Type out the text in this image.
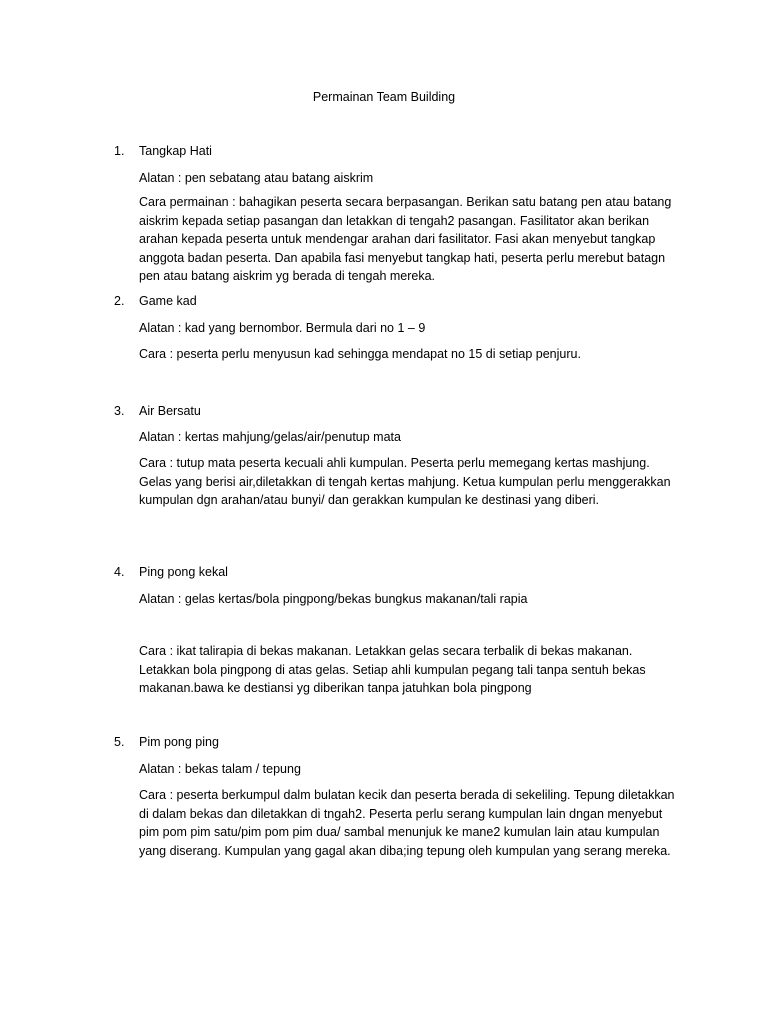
Permainan Team Building
1.	Tangkap Hati
Alatan : pen sebatang atau batang aiskrim
Cara permainan : bahagikan peserta secara berpasangan. Berikan satu batang pen atau batang aiskrim kepada setiap pasangan dan letakkan di tengah2 pasangan. Fasilitator akan berikan arahan kepada peserta untuk mendengar arahan dari fasilitator. Fasi akan menyebut tangkap anggota badan peserta. Dan apabila fasi menyebut tangkap hati, peserta perlu merebut batagn pen atau batang aiskrim yg berada di tengah mereka.
2.	Game kad
Alatan : kad yang bernombor. Bermula dari no 1 – 9
Cara : peserta perlu menyusun kad sehingga mendapat no 15 di setiap penjuru.
3.	Air Bersatu
Alatan : kertas mahjung/gelas/air/penutup mata
Cara : tutup mata peserta kecuali ahli kumpulan. Peserta perlu memegang kertas mashjung. Gelas yang berisi air,diletakkan di tengah kertas mahjung. Ketua kumpulan perlu menggerakkan kumpulan dgn arahan/atau bunyi/ dan gerakkan kumpulan ke destinasi yang diberi.
4.	Ping pong kekal
Alatan : gelas kertas/bola pingpong/bekas bungkus makanan/tali rapia
Cara : ikat talirapia di bekas makanan. Letakkan gelas secara terbalik di bekas makanan. Letakkan bola pingpong di atas gelas. Setiap ahli kumpulan pegang tali tanpa sentuh bekas makanan.bawa ke destiansi yg diberikan tanpa jatuhkan bola pingpong
5.	Pim pong ping
Alatan : bekas talam / tepung
Cara : peserta berkumpul dalm bulatan kecik dan peserta berada di sekeliling. Tepung diletakkan di dalam bekas dan diletakkan di tngah2. Peserta perlu serang kumpulan lain dngan menyebut pim pom pim satu/pim pom pim dua/ sambal menunjuk ke mane2 kumulan lain atau kumpulan yang diserang. Kumpulan yang gagal akan diba;ing tepung oleh kumpulan yang serang mereka.
